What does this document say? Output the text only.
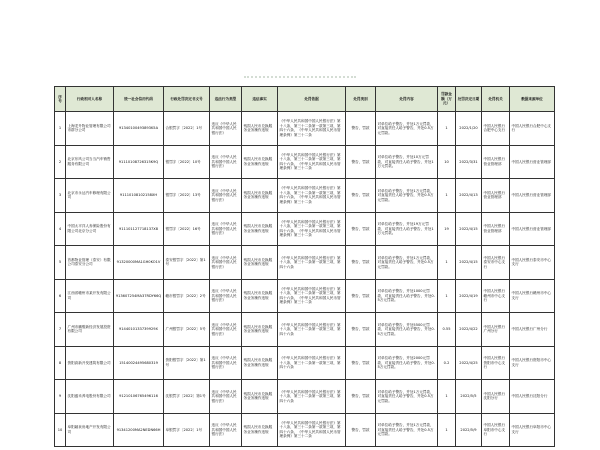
序号	行政相对人名称	统一社会信用代码	行政处罚决定书文号	违法行为类型	违法事实	处罚依据	处罚类别	处罚内容	罚款金额（万元）	处罚决定日期	处罚机关	数据来源单位
1	上海龙升物业管理有限公司市群分公司	91340100493893K5A	合银罚字〔2022〕1号	违反《中华人民共和国中国人民银行法》	残损人民币兑换服务业务操作违规	《中华人民共和国中国人民银行法》第十八条，第三十二条第一款第三项，第四十六条，《中华人民共和国人民币管理条例》第三十二条	警告，罚款	对单位给予警告，并处1万元罚款，对直接责任人给予警告，并处0.5万元罚款。	1	2022/1/20	中国人民银行合肥中心支行	中国人民银行合肥中心支行
2	北京东风公司当当汽车销售服务有限公司	91110108726315K9Q	银罚字〔2022〕10号	违反《中华人民共和国中国人民银行法》	残损人民币兑换服务业务操作违规	《中华人民共和国中国人民银行法》第十八条，第三十二条第一款第三项，第四十六条，《中华人民共和国人民币管理条例》第三十二条	警告，罚款	对单位给予警告，并处10万元罚款，对直接责任人给予警告，并处1万元罚款。	10	2022/3/31	中国人民银行营业管理部	中国人民银行营业管理部
3	北京市永达汽车修理有限公司	91110108102158XH	银罚字〔2022〕13号	违反《中华人民共和国中国人民银行法》	残损人民币兑换服务业务操作违规	《中华人民共和国中国人民银行法》第十八条，第三十二条第一款第三项，第四十六条，《中华人民共和国人民币管理条例》第三十二条	警告，罚款	对单位给予警告，并处1万元罚款，对直接责任人给予警告，并处0.5万元罚款。	1	2022/4/13	中国人民银行营业管理部	中国人民银行营业管理部
4	中国太平洋人寿保险股份有限公司北京分公司	911101127718137X8	银罚字〔2022〕16号	违反《中华人民共和国中国人民银行法》	残损人民币兑换服务业务操作违规	《中华人民共和国中国人民银行法》第十八条，第三十二条第一款第三项，第四十六条，《中华人民共和国人民币管理条例》第三十二条	警告，罚款	对单位给予警告，并处19万元罚款，对直接责任人给予警告，并处1万元罚款。	19	2022/4/15	中国人民银行营业管理部	中国人民银行营业管理部
5	首都物业管理（泰安）有限公司泰安分公司	91320000MA1GH0KO1V	泰安银罚字〔2022〕第1号	违反《中华人民共和国中国人民银行法》	残损人民币兑换服务业务操作违规	《中华人民共和国中国人民银行法》第十八条，第三十二条第一款第三项，第四十六条	警告，罚款	对单位给予警告，并处1万元罚款，对直接责任人给予警告，并处0.5万元罚款。	1	2022/4/15	中国人民银行泰安市中心支行	中国人民银行泰安市中心支行
6	江西省赣州市某开发有限公司	913607254MA37RDY66Q	赣市银罚字〔2022〕2号	违反《中华人民共和国中国人民银行法》	残损人民币兑换服务业务操作违规	《中华人民共和国中国人民银行法》第十八条，第三十二条第一款第三项，第四十六条，《中华人民共和国人民币管理条例》第三十二条	警告，罚款	对单位给予警告，并处1000元罚款，对直接责任人给予警告，并处0.5万元罚款。	1	2022/4/19	中国人民银行赣州市中心支行	中国人民银行赣州市中心支行
7	广州市鹏骏新经济发展投资有限公司	9144010133739929X	广州银罚字〔2022〕5号	违反《中华人民共和国中国人民银行法》	残损人民币兑换服务业务操作违规	《中华人民共和国中国人民银行法》第十八条，第三十二条第一款第三项，第四十六条	警告，罚款	对单位给予警告，并处5500元罚款，对直接责任人给予警告，并处0.5万元罚款。	0.55	2022/4/22	中国人民银行广州分行	中国人民银行广州分行
8	资阳高新开发建筑有限公司	15140024495680319	资阳银罚字〔2022〕第1号	违反《中华人民共和国中国人民银行法》	残损人民币兑换服务业务操作违规	《中华人民共和国中国人民银行法》第十八条，第三十二条第一款第三项，第四十六条	警告，罚款	对单位给予警告，并处2000元罚款，对直接责任人给予警告，并处0.5万元罚款。	0.2	2022/4/25	中国人民银行资阳市中心支行	中国人民银行资阳市中心支行
9	沈阳盛禾养电股份有限公司	91210106765496116	沈银罚字〔2022〕第1号	违反《中华人民共和国中国人民银行法》	残损人民币兑换服务业务操作违规	《中华人民共和国中国人民银行法》第十八条，第三十二条第一款第三项，第四十六条	警告，罚款	对单位给予警告，并处1万元罚款，对直接责任人给予警告，并处0.5万元罚款。	1	2022/5/5	中国人民银行沈阳分行	中国人民银行沈阳分行
10	阜阳颍泉房地产开发有限公司	91341200MA2NEDN66H	阜银罚字〔2022〕1号	违反《中华人民共和国中国人民银行法》	残损人民币兑换服务业务操作违规	《中华人民共和国中国人民银行法》第十八条，第三十二条第一款第三项，第四十六条，《中华人民共和国人民币管理条例》第三十二条	警告，罚款	对单位给予警告，并处1万元罚款，对直接责任人给予警告，并处0.5万元罚款。	1	2022/5/9	中国人民银行阜阳市中心支行	中国人民银行阜阳市中心支行
